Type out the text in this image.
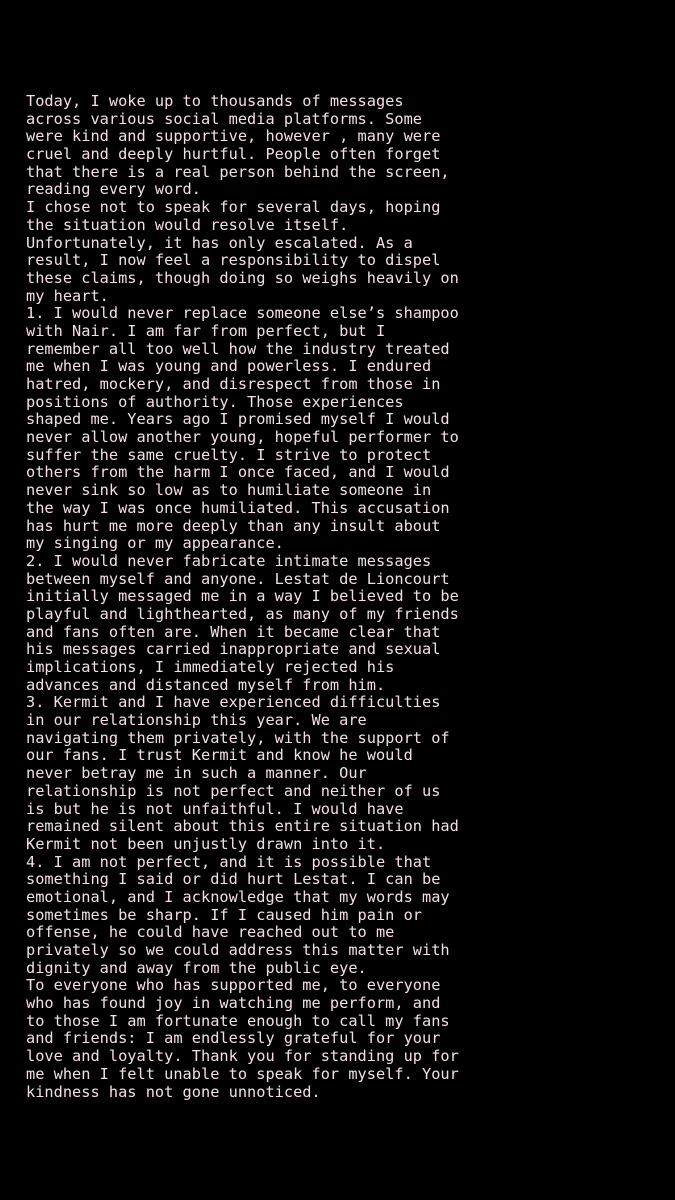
Today, I woke up to thousands of messages
across various social media platforms. Some
were kind and supportive, however , many were
cruel and deeply hurtful. People often forget
that there is a real person behind the screen,
reading every word.
I chose not to speak for several days, hoping
the situation would resolve itself.
Unfortunately, it has only escalated. As a
result, I now feel a responsibility to dispel
these claims, though doing so weighs heavily on
my heart.
1. I would never replace someone else’s shampoo
with Nair. I am far from perfect, but I
remember all too well how the industry treated
me when I was young and powerless. I endured
hatred, mockery, and disrespect from those in
positions of authority. Those experiences
shaped me. Years ago I promised myself I would
never allow another young, hopeful performer to
suffer the same cruelty. I strive to protect
others from the harm I once faced, and I would
never sink so low as to humiliate someone in
the way I was once humiliated. This accusation
has hurt me more deeply than any insult about
my singing or my appearance.
2. I would never fabricate intimate messages
between myself and anyone. Lestat de Lioncourt
initially messaged me in a way I believed to be
playful and lighthearted, as many of my friends
and fans often are. When it became clear that
his messages carried inappropriate and sexual
implications, I immediately rejected his
advances and distanced myself from him.
3. Kermit and I have experienced difficulties
in our relationship this year. We are
navigating them privately, with the support of
our fans. I trust Kermit and know he would
never betray me in such a manner. Our
relationship is not perfect and neither of us
is but he is not unfaithful. I would have
remained silent about this entire situation had
Kermit not been unjustly drawn into it.
4. I am not perfect, and it is possible that
something I said or did hurt Lestat. I can be
emotional, and I acknowledge that my words may
sometimes be sharp. If I caused him pain or
offense, he could have reached out to me
privately so we could address this matter with
dignity and away from the public eye.
To everyone who has supported me, to everyone
who has found joy in watching me perform, and
to those I am fortunate enough to call my fans
and friends: I am endlessly grateful for your
love and loyalty. Thank you for standing up for
me when I felt unable to speak for myself. Your
kindness has not gone unnoticed.
